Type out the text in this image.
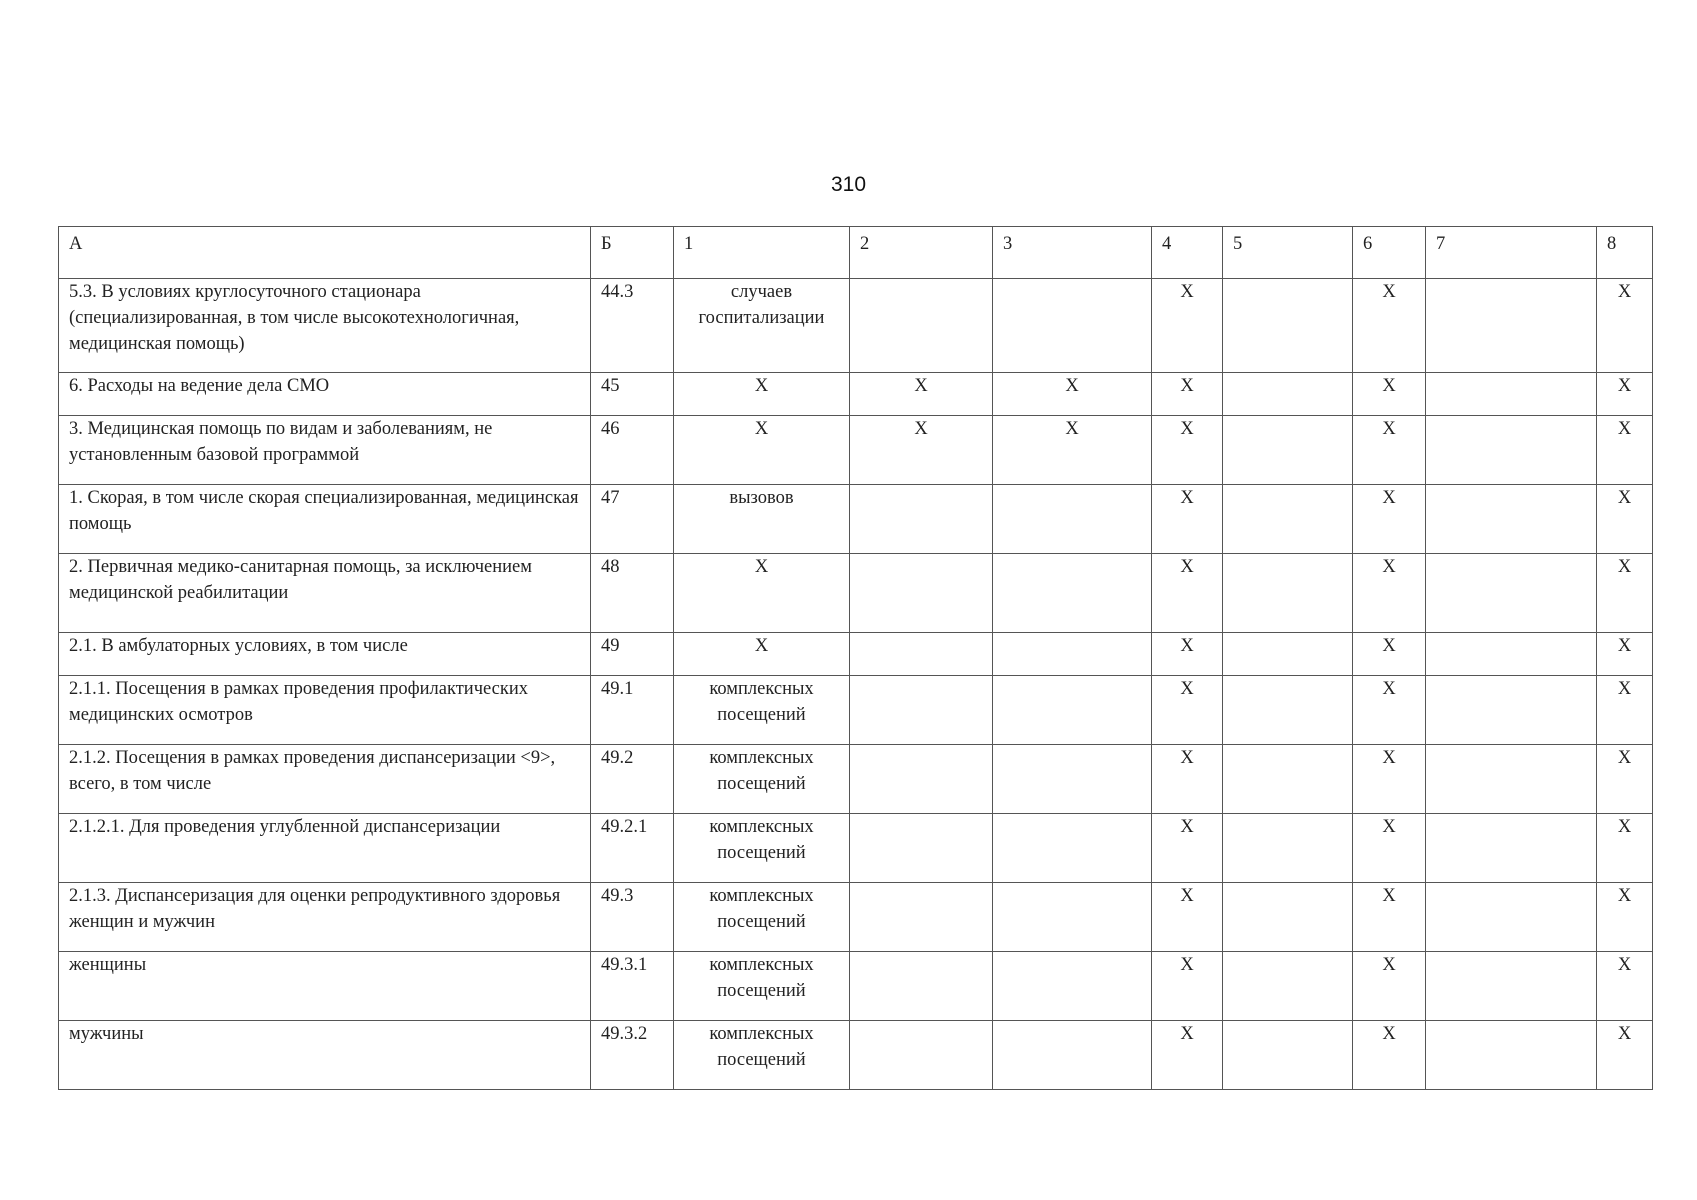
310
А	Б	1	2	3	4	5	6	7	8
5.3. В условиях круглосуточного стационара (специализированная, в том числе высокотехнологичная, медицинская помощь)	44.3	случаев госпитализации			X		X		X
6. Расходы на ведение дела СМО	45	X	X	X	X		X		X
3. Медицинская помощь по видам и заболеваниям, не установленным базовой программой	46	X	X	X	X		X		X
1. Скорая, в том числе скорая специализированная, медицинская помощь	47	вызовов			X		X		X
2. Первичная медико-санитарная помощь, за исключением медицинской реабилитации	48	X			X		X		X
2.1. В амбулаторных условиях, в том числе	49	X			X		X		X
2.1.1. Посещения в рамках проведения профилактических медицинских осмотров	49.1	комплексных посещений			X		X		X
2.1.2. Посещения в рамках проведения диспансеризации <9>, всего, в том числе	49.2	комплексных посещений			X		X		X
2.1.2.1. Для проведения углубленной диспансеризации	49.2.1	комплексных посещений			X		X		X
2.1.3. Диспансеризация для оценки репродуктивного здоровья женщин и мужчин	49.3	комплексных посещений			X		X		X
женщины	49.3.1	комплексных посещений			X		X		X
мужчины	49.3.2	комплексных посещений			X		X		X
